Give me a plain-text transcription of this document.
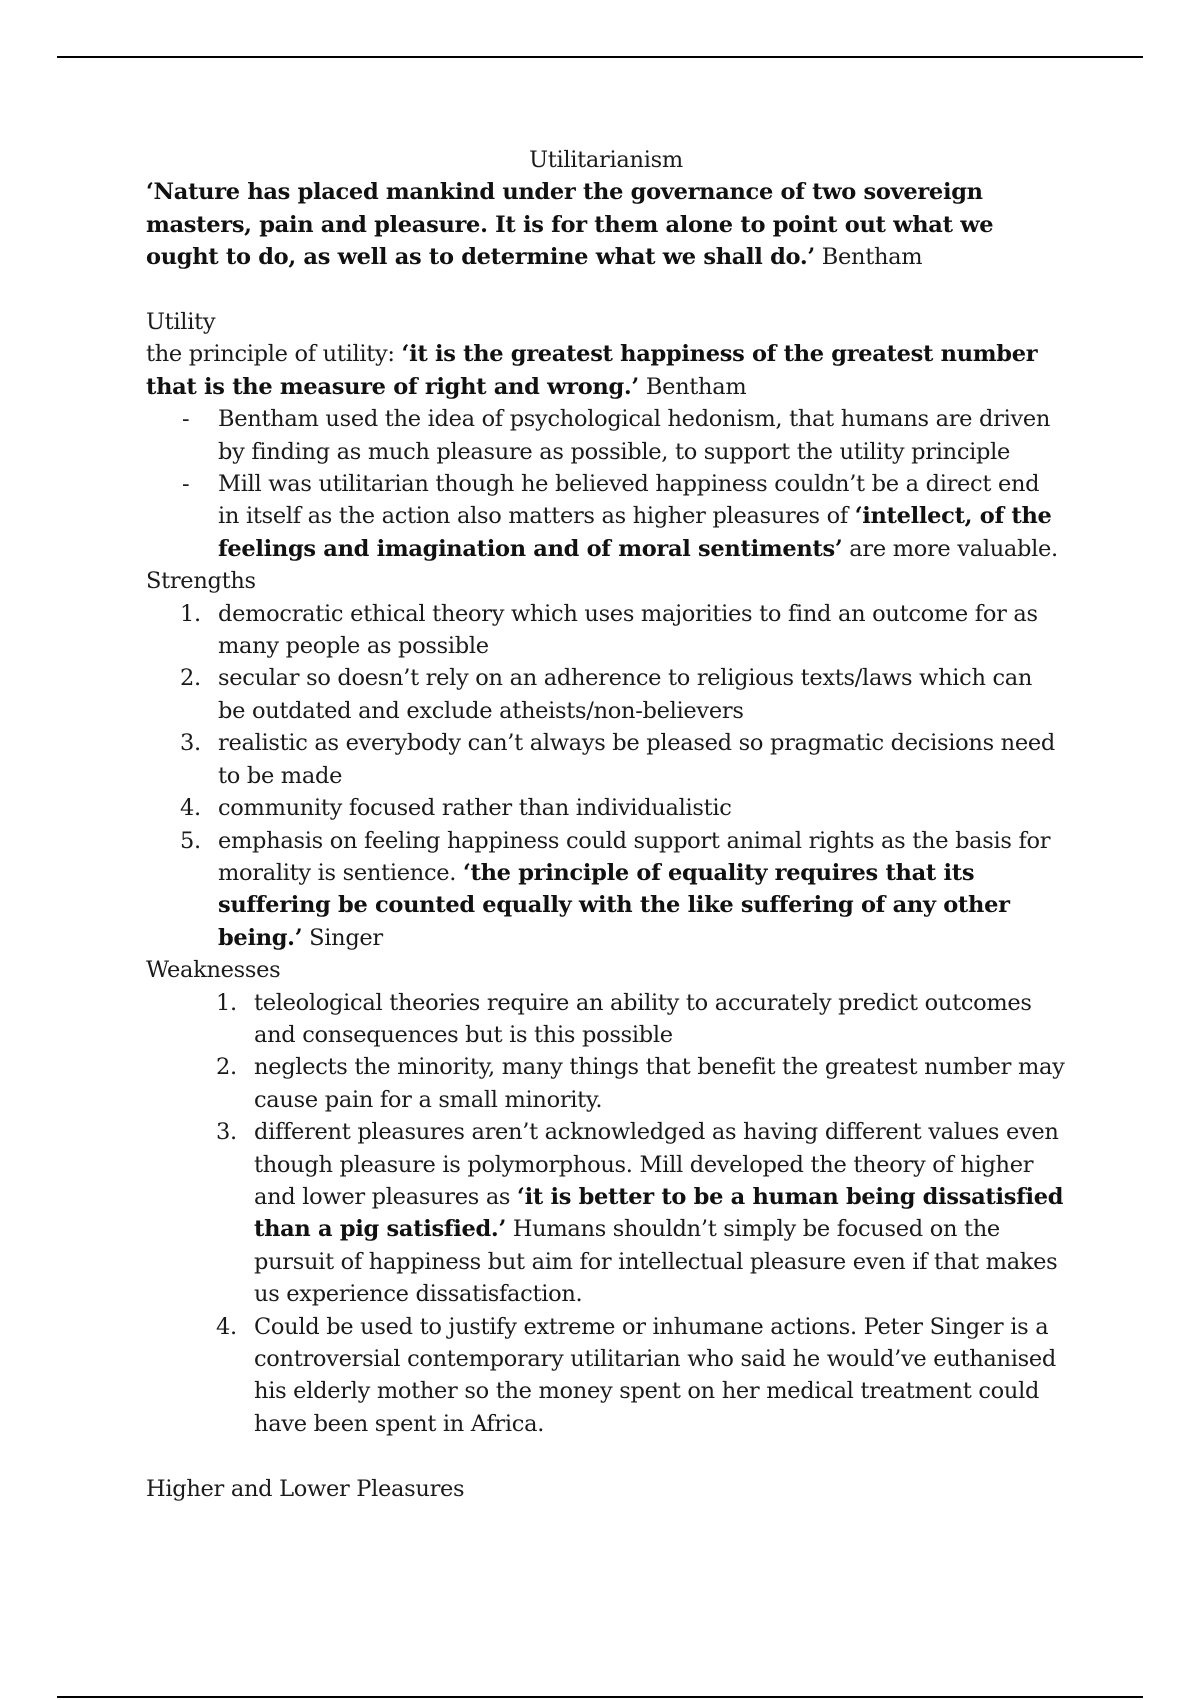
Utilitarianism

‘Nature has placed mankind under the governance of two sovereign masters, pain and pleasure. It is for them alone to point out what we ought to do, as well as to determine what we shall do.’ Bentham

Utility

the principle of utility: ‘it is the greatest happiness of the greatest number that is the measure of right and wrong.’ Bentham

- Bentham used the idea of psychological hedonism, that humans are driven by finding as much pleasure as possible, to support the utility principle
- Mill was utilitarian though he believed happiness couldn’t be a direct end in itself as the action also matters as higher pleasures of ‘intellect, of the feelings and imagination and of moral sentiments’ are more valuable.

Strengths

1. democratic ethical theory which uses majorities to find an outcome for as many people as possible
2. secular so doesn’t rely on an adherence to religious texts/laws which can be outdated and exclude atheists/non-believers
3. realistic as everybody can’t always be pleased so pragmatic decisions need to be made
4. community focused rather than individualistic
5. emphasis on feeling happiness could support animal rights as the basis for morality is sentience. ‘the principle of equality requires that its suffering be counted equally with the like suffering of any other being.’ Singer

Weaknesses

1. teleological theories require an ability to accurately predict outcomes and consequences but is this possible
2. neglects the minority, many things that benefit the greatest number may cause pain for a small minority.
3. different pleasures aren’t acknowledged as having different values even though pleasure is polymorphous. Mill developed the theory of higher and lower pleasures as ‘it is better to be a human being dissatisfied than a pig satisfied.’ Humans shouldn’t simply be focused on the pursuit of happiness but aim for intellectual pleasure even if that makes us experience dissatisfaction.
4. Could be used to justify extreme or inhumane actions. Peter Singer is a controversial contemporary utilitarian who said he would’ve euthanised his elderly mother so the money spent on her medical treatment could have been spent in Africa.

Higher and Lower Pleasures
